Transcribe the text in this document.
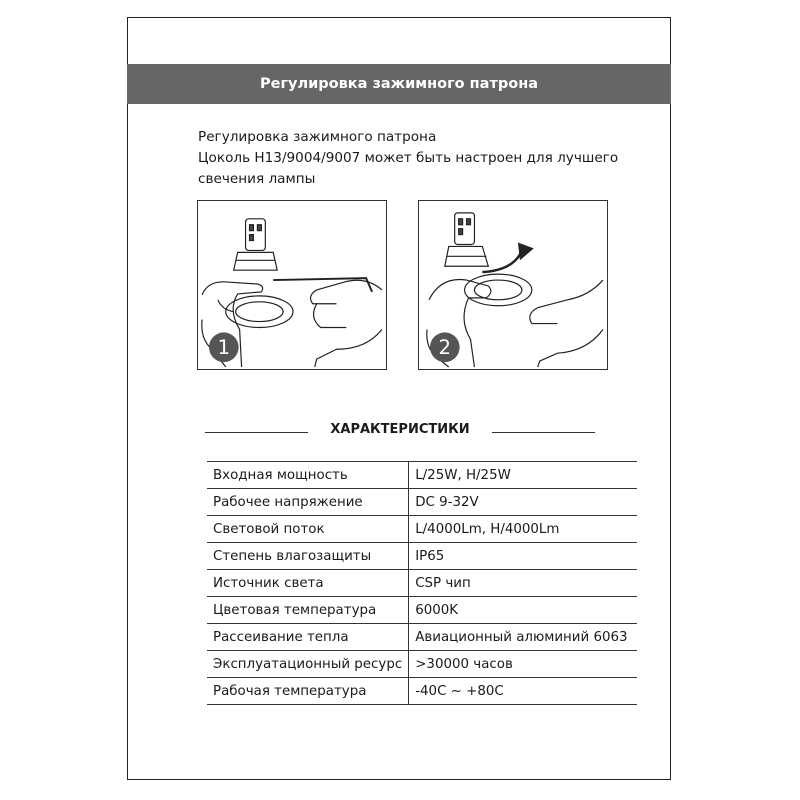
Регулировка зажимного патрона
Регулировка зажимного патрона
Цоколь H13/9004/9007 может быть настроен для лучшего
свечения лампы
1	2
ХАРАКТЕРИСТИКИ
Входная мощность	L/25W, H/25W
Рабочее напряжение	DC 9-32V
Световой поток	L/4000Lm, H/4000Lm
Степень влагозащиты	IP65
Источник света	CSP чип
Цветовая температура	6000K
Рассеивание тепла	Авиационный алюминий 6063
Эксплуатационный ресурс	>30000 часов
Рабочая температура	-40C ~ +80C
